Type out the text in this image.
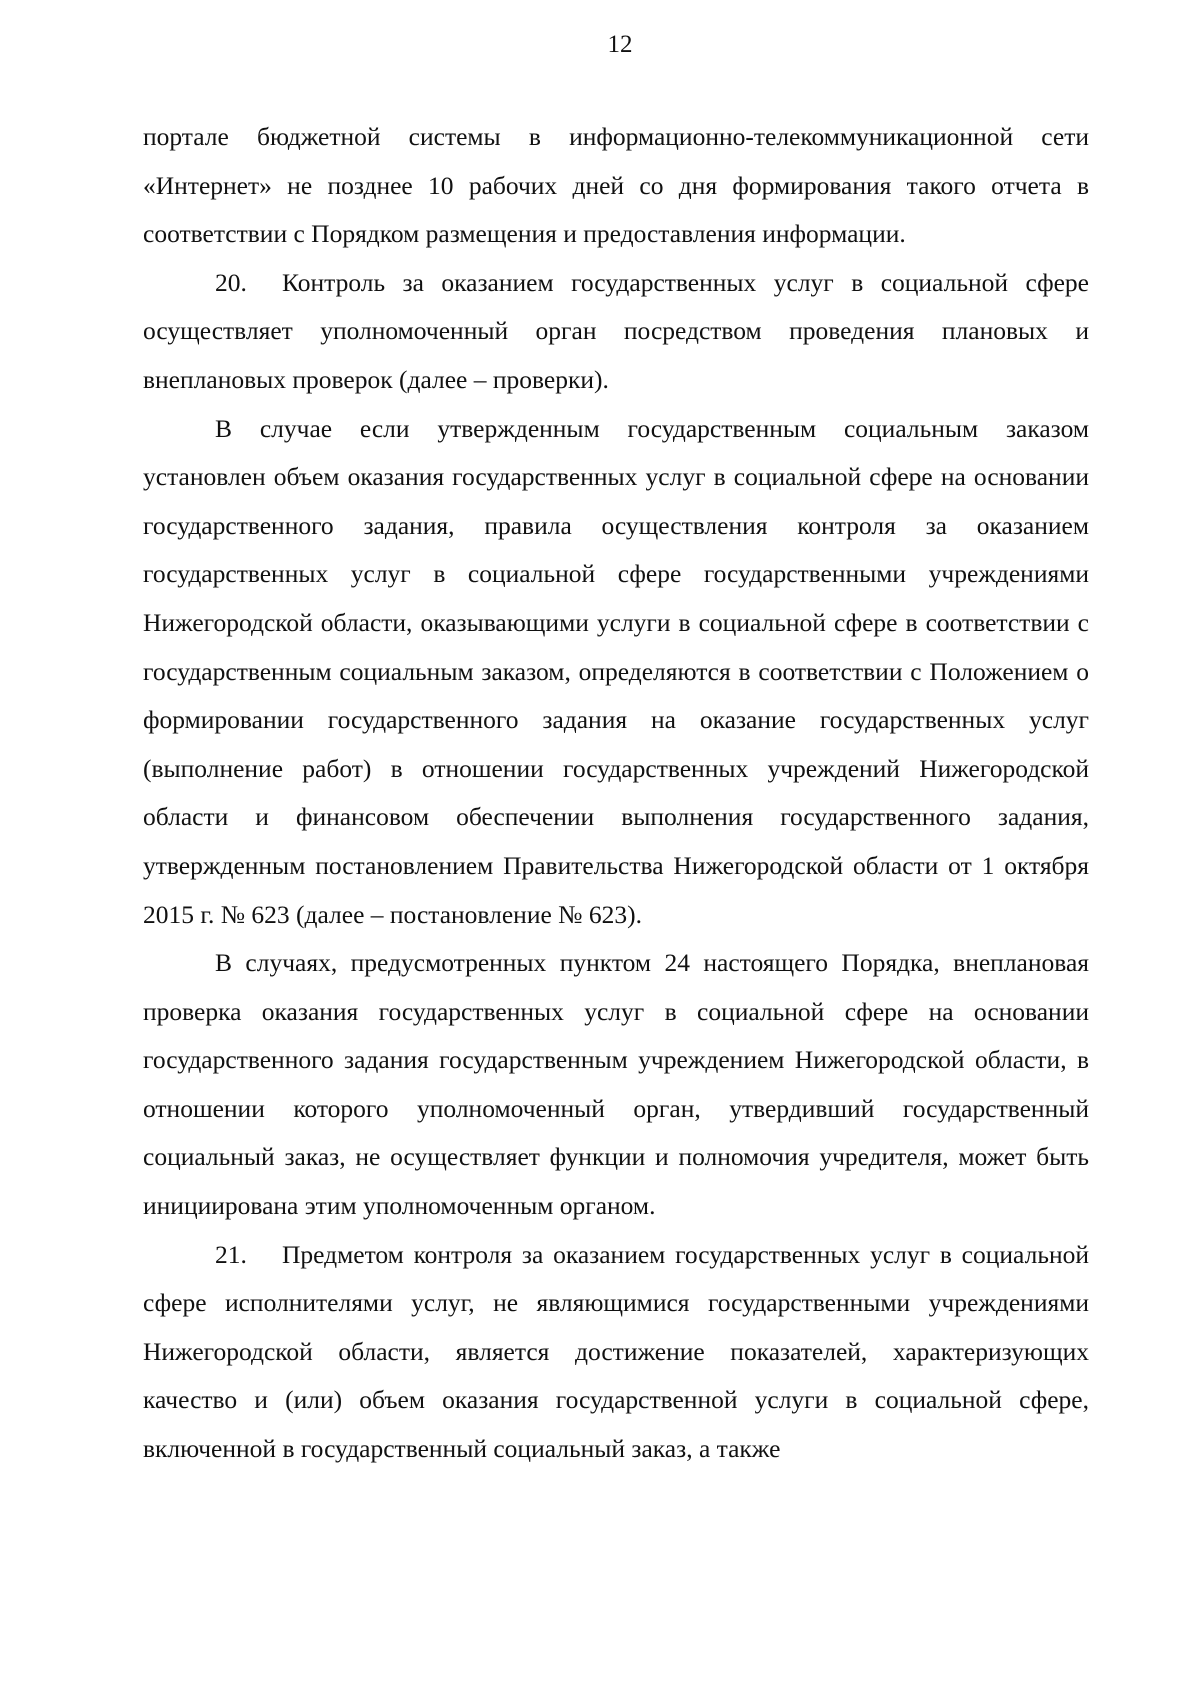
12

порталe бюджетной системы в информационно-телекоммуникационной сети «Интернет» не позднее 10 рабочих дней со дня формирования такого отчета в соответствии с Порядком размещения и предоставления информации.

20. Контроль за оказанием государственных услуг в социальной сфере осуществляет уполномоченный орган посредством проведения плановых и внеплановых проверок (далее – проверки).

В случае если утвержденным государственным социальным заказом установлен объем оказания государственных услуг в социальной сфере на основании государственного задания, правила осуществления контроля за оказанием государственных услуг в социальной сфере государственными учреждениями Нижегородской области, оказывающими услуги в социальной сфере в соответствии с государственным социальным заказом, определяются в соответствии с Положением о формировании государственного задания на оказание государственных услуг (выполнение работ) в отношении государственных учреждений Нижегородской области и финансовом обеспечении выполнения государственного задания, утвержденным постановлением Правительства Нижегородской области от 1 октября 2015 г. № 623 (далее – постановление № 623).

В случаях, предусмотренных пунктом 24 настоящего Порядка, внеплановая проверка оказания государственных услуг в социальной сфере на основании государственного задания государственным учреждением Нижегородской области, в отношении которого уполномоченный орган, утвердивший государственный социальный заказ, не осуществляет функции и полномочия учредителя, может быть инициирована этим уполномоченным органом.

21. Предметом контроля за оказанием государственных услуг в социальной сфере исполнителями услуг, не являющимися государственными учреждениями Нижегородской области, является достижение показателей, характеризующих качество и (или) объем оказания государственной услуги в социальной сфере, включенной в государственный социальный заказ, а также
